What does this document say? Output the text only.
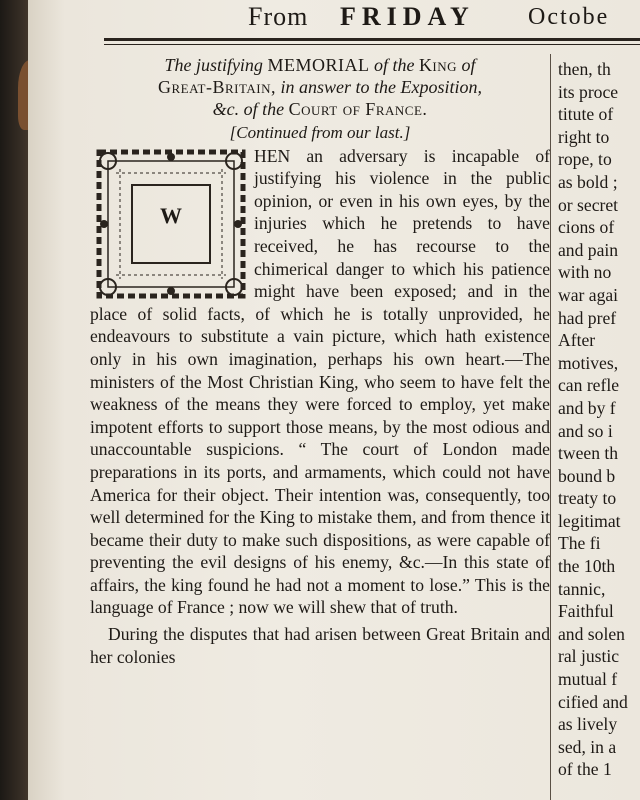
From FRIDAY Octobe
The justifying MEMORIAL of the King of
Great-Britain, in answer to the Exposition,
&c. of the Court of France.
[Continued from our last.]
W

HEN an adversary is incapable of justifying his violence in the public opinion, or even in his own eyes, by the injuries which he pretends to have received, he has recourse to the chimerical danger to which his patience might have been exposed; and in the place of solid facts, of which he is totally unprovided, he endeavours to substitute a vain picture, which hath existence only in his own imagination, perhaps his own heart.—The ministers of the Most Christian King, who seem to have felt the weakness of the means they were forced to employ, yet make impotent efforts to support those means, by the most odious and unaccountable suspicions. “ The court of London made preparations in its ports, and armaments, which could not have America for their object. Their intention was, consequently, too well determined for the King to mistake them, and from thence it became their duty to make such dispositions, as were capable of preventing the evil designs of his enemy, &c.—In this state of affairs, the king found he had not a moment to lose.” This is the language of France ; now we will shew that of truth.

During the disputes that had arisen between Great Britain and her colonies

then, th
its proce
titute of
right to
rope, to
as bold ;
or secret
cions of
and pain
with no
war agai
had pref
After
motives,
can refle
and by f
and so i
tween th
bound b
treaty to
legitimat
The fi
the 10th
tannic,
Faithful
and solen
ral justic
mutual f
cified and
as lively
sed, in a
of the 1
